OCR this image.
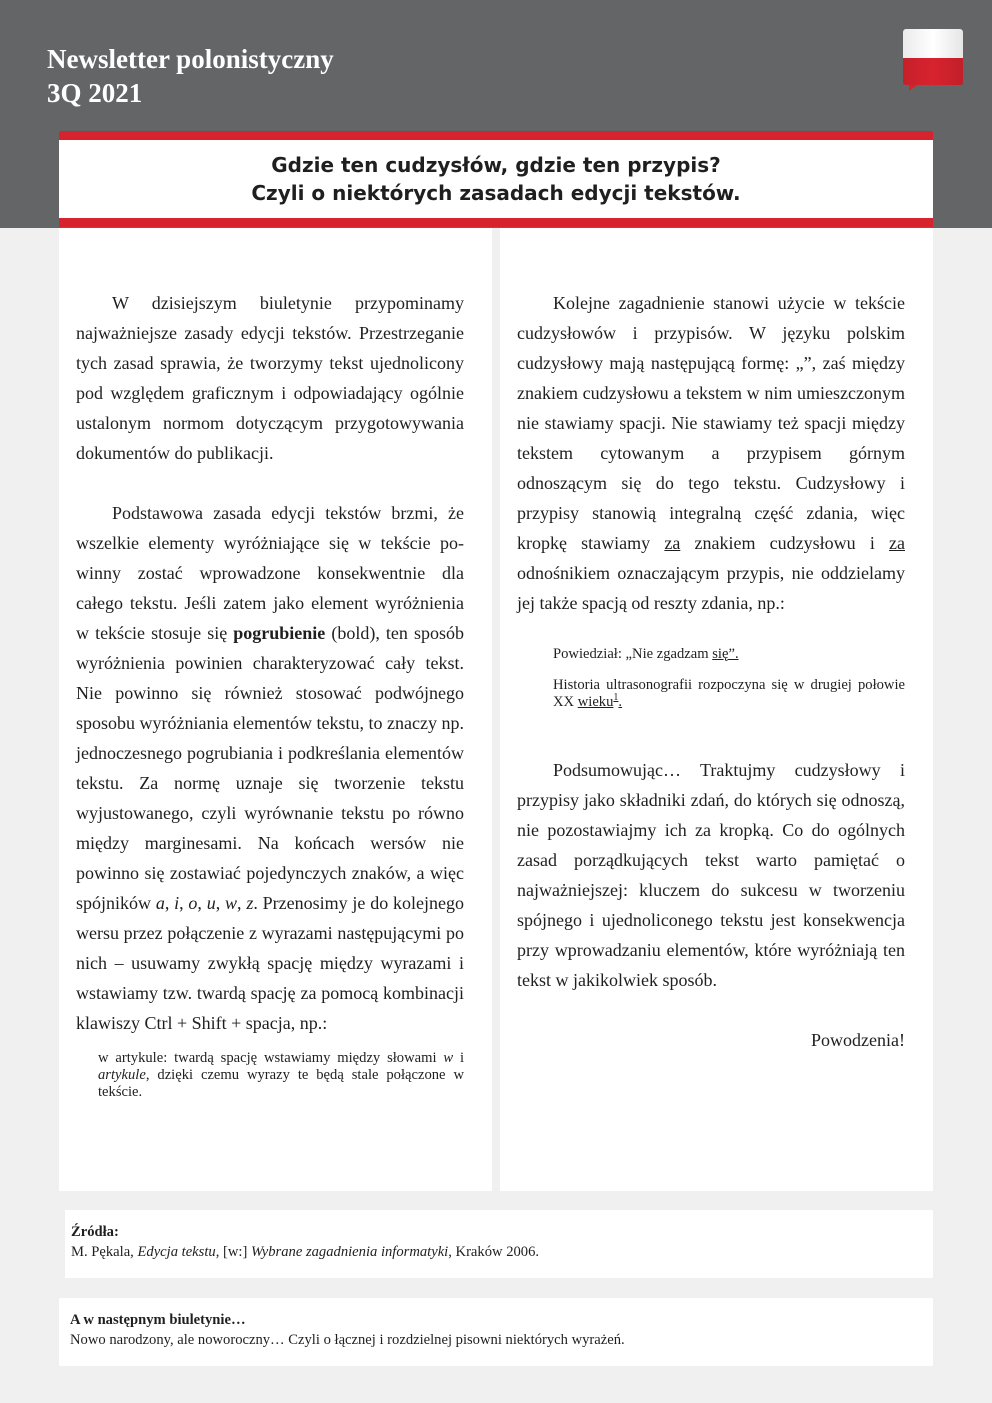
Newsletter polonistyczny
3Q 2021
Gdzie ten cudzysłów, gdzie ten przypis?
Czyli o niektórych zasadach edycji tekstów.

W dzisiejszym biuletynie przypominamy najważniejsze zasady edycji tekstów. Przestrzeganie tych zasad sprawia, że tworzymy tekst ujednolicony pod względem graficznym i odpowiadający ogólnie ustalonym normom dotyczącym przygotowywania dokumentów do publikacji.

Podstawowa zasada edycji tekstów brzmi, że wszelkie elementy wyróżniające się w tekście powinny zostać wprowadzone konsekwentnie dla całego tekstu. Jeśli zatem jako element wyróżnienia w tekście stosuje się pogrubienie (bold), ten sposób wyróżnienia powinien charakteryzować cały tekst. Nie powinno się również stosować podwójnego sposobu wyróżniania elementów tekstu, to znaczy np. jednoczesnego pogrubiania i podkreślania elementów tekstu. Za normę uznaje się tworzenie tekstu wyjustowanego, czyli wyrównanie tekstu po równo między marginesami. Na końcach wersów nie powinno się zostawiać pojedynczych znaków, a więc spójników a, i, o, u, w, z. Przenosimy je do kolejnego wersu przez połączenie z wyrazami następującymi po nich – usuwamy zwykłą spację między wyrazami i wstawiamy tzw. twardą spację za pomocą kombinacji klawiszy Ctrl + Shift + spacja, np.:

w artykule: twardą spację wstawiamy między słowami w i artykule, dzięki czemu wyrazy te będą stale połączone w tekście.

Kolejne zagadnienie stanowi użycie w tekście cudzysłowów i przypisów. W języku polskim cudzysłowy mają następującą formę: „”, zaś między znakiem cudzysłowu a tekstem w nim umieszczonym nie stawiamy spacji. Nie stawiamy też spacji między tekstem cytowanym a przypisem górnym odnoszącym się do tego tekstu. Cudzysłowy i przypisy stanowią integralną część zdania, więc kropkę stawiamy za znakiem cudzysłowu i za odnośnikiem oznaczającym przypis, nie oddzielamy jej także spacją od reszty zdania, np.:

Powiedział: „Nie zgadzam się”.

Historia ultrasonografii rozpoczyna się w drugiej połowie XX wieku$^1$.

Podsumowując… Traktujmy cudzysłowy i przypisy jako składniki zdań, do których się odnoszą, nie pozostawiajmy ich za kropką. Co do ogólnych zasad porządkujących tekst warto pamiętać o najważniejszej: kluczem do sukcesu w tworzeniu spójnego i ujednoliconego tekstu jest konsekwencja przy wprowadzaniu elementów, które wyróżniają ten tekst w jakikolwiek sposób.

Powodzenia!

Źródła:
M. Pękala, Edycja tekstu, [w:] Wybrane zagadnienia informatyki, Kraków 2006.
A w następnym biuletynie…
Nowo narodzony, ale noworoczny… Czyli o łącznej i rozdzielnej pisowni niektórych wyrażeń.
